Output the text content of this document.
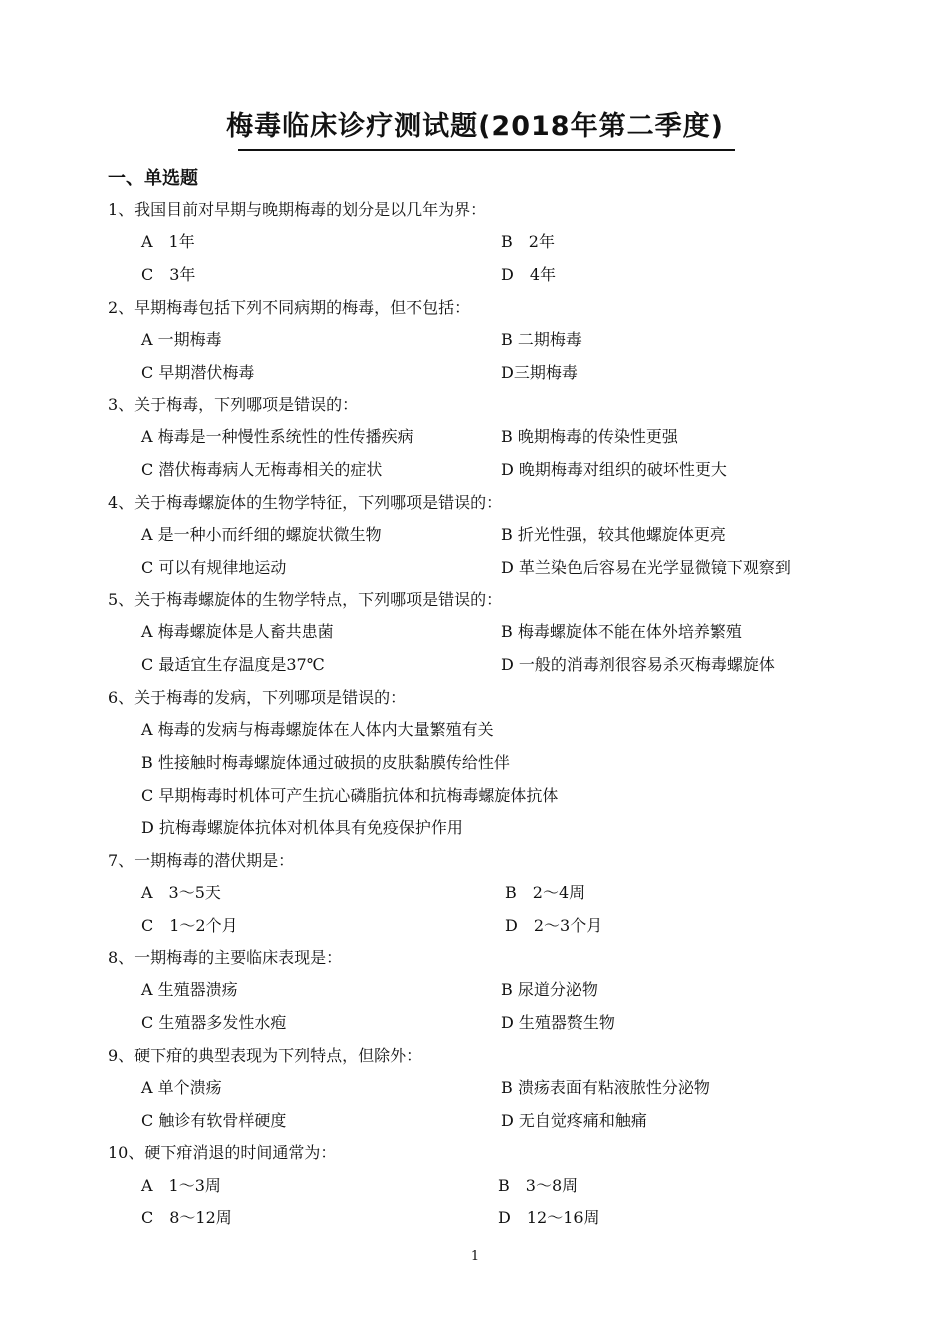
梅毒临床诊疗测试题(2018年第二季度)
一、单选题
1、我国目前对早期与晚期梅毒的划分是以几年为界：
A　1年	B　2年
C　3年	D　4年
2、早期梅毒包括下列不同病期的梅毒，但不包括：
A 一期梅毒	B 二期梅毒
C 早期潜伏梅毒	D三期梅毒
3、关于梅毒，下列哪项是错误的：
A 梅毒是一种慢性系统性的性传播疾病	B 晚期梅毒的传染性更强
C 潜伏梅毒病人无梅毒相关的症状	D 晚期梅毒对组织的破坏性更大
4、关于梅毒螺旋体的生物学特征，下列哪项是错误的：
A 是一种小而纤细的螺旋状微生物	B 折光性强，较其他螺旋体更亮
C 可以有规律地运动	D 革兰染色后容易在光学显微镜下观察到
5、关于梅毒螺旋体的生物学特点，下列哪项是错误的：
A 梅毒螺旋体是人畜共患菌	B 梅毒螺旋体不能在体外培养繁殖
C 最适宜生存温度是37℃	D 一般的消毒剂很容易杀灭梅毒螺旋体
6、关于梅毒的发病，下列哪项是错误的：
A 梅毒的发病与梅毒螺旋体在人体内大量繁殖有关
B 性接触时梅毒螺旋体通过破损的皮肤黏膜传给性伴
C 早期梅毒时机体可产生抗心磷脂抗体和抗梅毒螺旋体抗体
D 抗梅毒螺旋体抗体对机体具有免疫保护作用
7、一期梅毒的潜伏期是：
A　3～5天	B　2～4周
C　1～2个月	D　2～3个月
8、一期梅毒的主要临床表现是：
A 生殖器溃疡	B 尿道分泌物
C 生殖器多发性水疱	D 生殖器赘生物
9、硬下疳的典型表现为下列特点，但除外：
A 单个溃疡	B 溃疡表面有粘液脓性分泌物
C 触诊有软骨样硬度	D 无自觉疼痛和触痛
10、硬下疳消退的时间通常为：
A　1～3周	B　3～8周
C　8～12周	D　12～16周
1
